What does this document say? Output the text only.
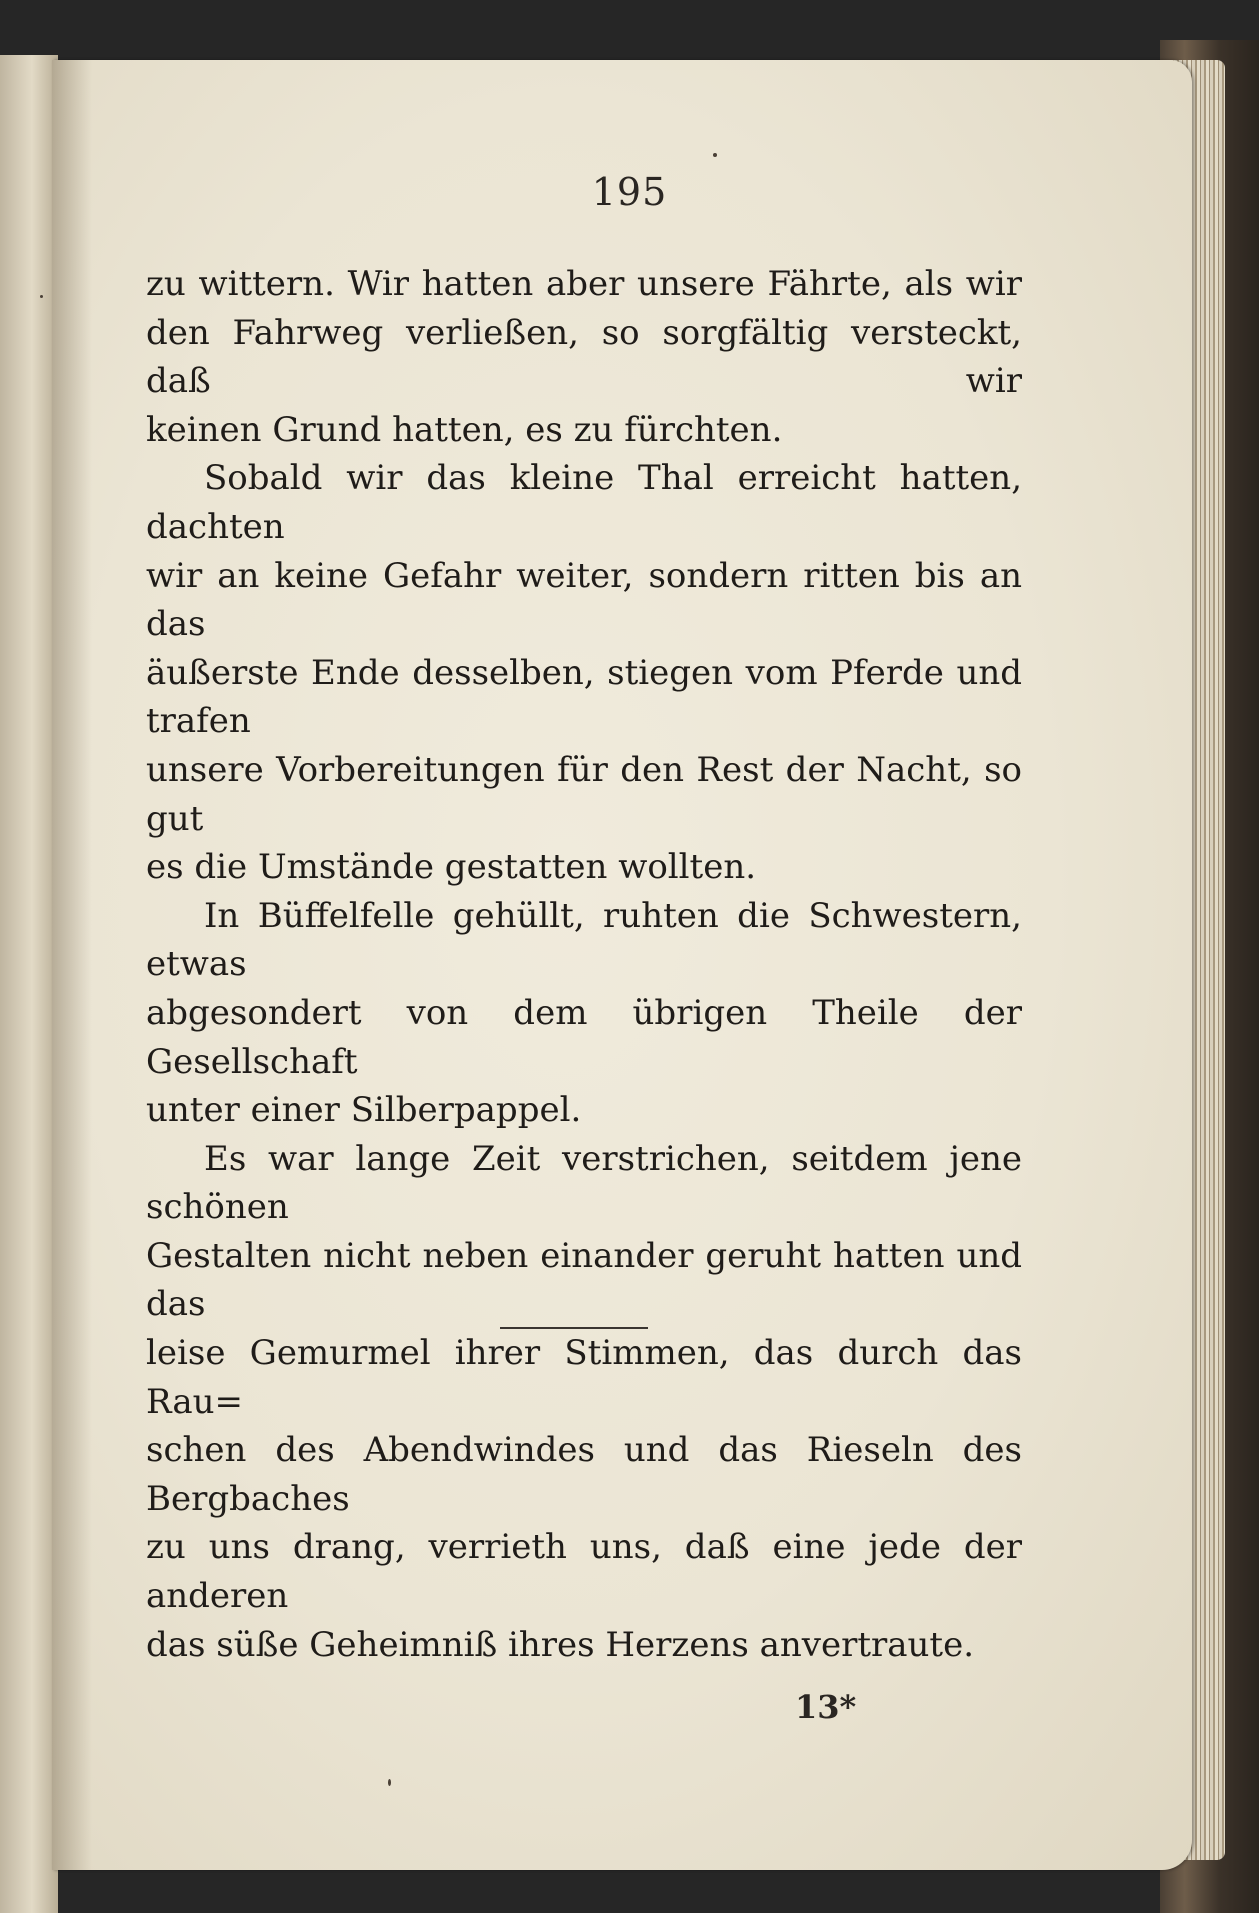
195

zu wittern. Wir hatten aber unsere Fährte, als wir
den Fahrweg verließen, so sorgfältig versteckt, daß wir
keinen Grund hatten, es zu fürchten.

Sobald wir das kleine Thal erreicht hatten, dachten
wir an keine Gefahr weiter, sondern ritten bis an das
äußerste Ende desselben, stiegen vom Pferde und trafen
unsere Vorbereitungen für den Rest der Nacht, so gut
es die Umstände gestatten wollten.

In Büffelfelle gehüllt, ruhten die Schwestern, etwas
abgesondert von dem übrigen Theile der Gesellschaft
unter einer Silberpappel.

Es war lange Zeit verstrichen, seitdem jene schönen
Gestalten nicht neben einander geruht hatten und das
leise Gemurmel ihrer Stimmen, das durch das Rau=
schen des Abendwindes und das Rieseln des Bergbaches
zu uns drang, verrieth uns, daß eine jede der anderen
das süße Geheimniß ihres Herzens anvertraute.

13*
